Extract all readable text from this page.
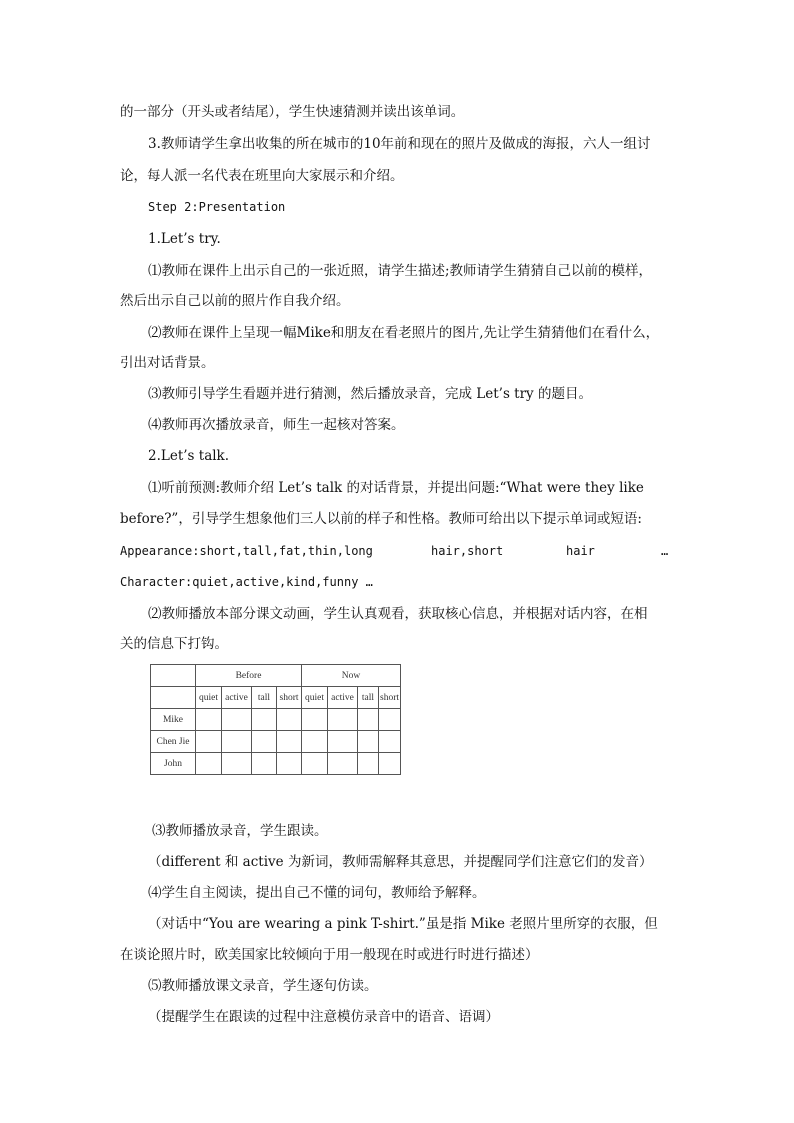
的一部分（开头或者结尾），学生快速猜测并读出该单词。
3.教师请学生拿出收集的所在城市的10年前和现在的照片及做成的海报，六人一组讨
论，每人派一名代表在班里向大家展示和介绍。
Step 2:Presentation
1.Let’s try.
⑴教师在课件上出示自己的一张近照，请学生描述;教师请学生猜猜自己以前的模样，
然后出示自己以前的照片作自我介绍。
⑵教师在课件上呈现一幅Mike和朋友在看老照片的图片,先让学生猜猜他们在看什么，
引出对话背景。
⑶教师引导学生看题并进行猜测，然后播放录音，完成 Let’s try 的题目。
⑷教师再次播放录音，师生一起核对答案。
2.Let’s talk.
⑴听前预测:教师介绍 Let’s talk 的对话背景，并提出问题:“What were they like
before?”，引导学生想象他们三人以前的样子和性格。教师可给出以下提示单词或短语:
Appearance:short,tall,fat,thin,long	hair,short	hair	…
Character:quiet,active,kind,funny …
⑵教师播放本部分课文动画，学生认真观看，获取核心信息，并根据对话内容，在相
关的信息下打钩。
	Before				Now			
	quiet	active	tall	short	quiet	active	tall	short
Mike								
Chen Jie								
John								
⑶教师播放录音，学生跟读。
（different 和 active 为新词，教师需解释其意思，并提醒同学们注意它们的发音）
⑷学生自主阅读，提出自己不懂的词句，教师给予解释。
（对话中“You are wearing a pink T-shirt.”虽是指 Mike 老照片里所穿的衣服，但
在谈论照片时，欧美国家比较倾向于用一般现在时或进行时进行描述）
⑸教师播放课文录音，学生逐句仿读。
（提醒学生在跟读的过程中注意模仿录音中的语音、语调）
